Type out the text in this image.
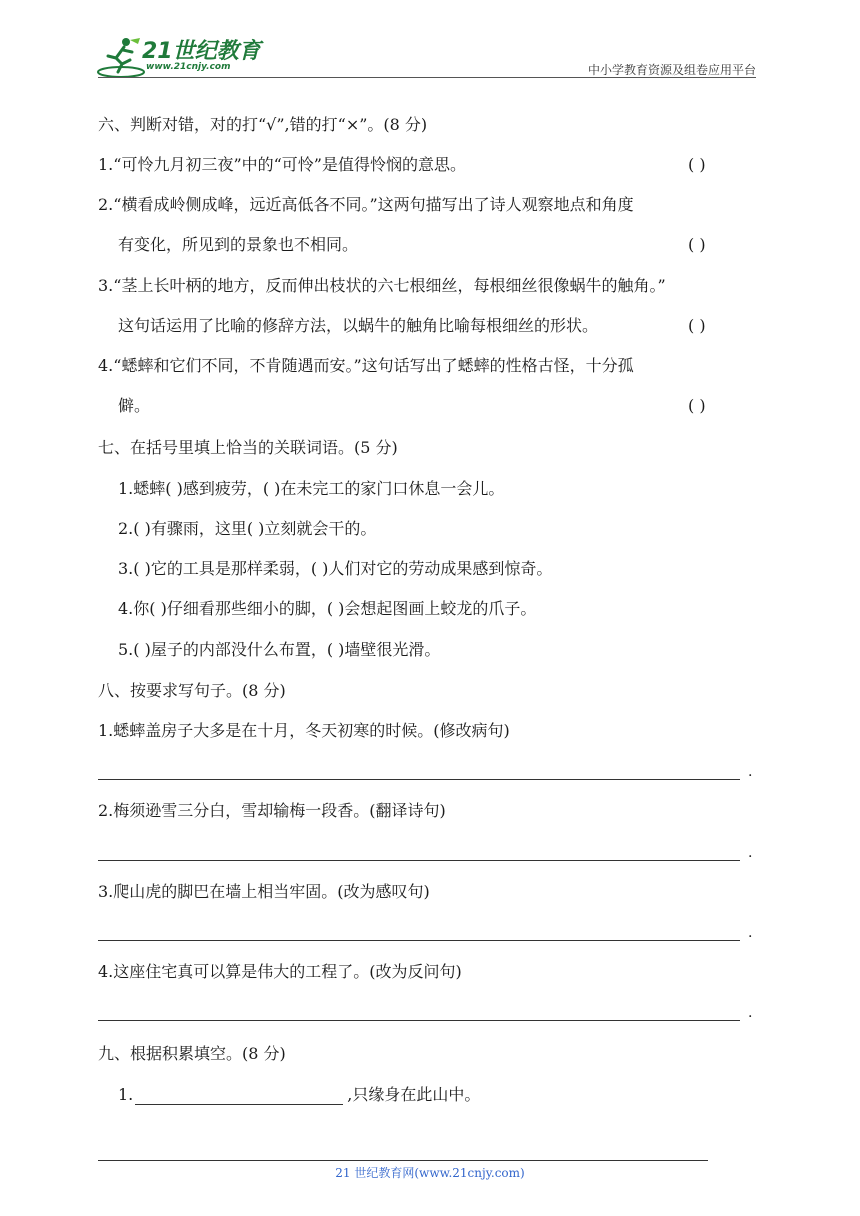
21世纪教育
www.21cnjy.com	中小学教育资源及组卷应用平台
六、判断对错，对的打“√”,错的打“×”。(8 分)
1.“可怜九月初三夜”中的“可怜”是值得怜悯的意思。	( )
2.“横看成岭侧成峰，远近高低各不同。”这两句描写出了诗人观察地点和角度
有变化，所见到的景象也不相同。	( )
3.“茎上长叶柄的地方，反而伸出枝状的六七根细丝，每根细丝很像蜗牛的触角。”
这句话运用了比喻的修辞方法，以蜗牛的触角比喻每根细丝的形状。	( )
4.“蟋蟀和它们不同，不肯随遇而安。”这句话写出了蟋蟀的性格古怪，十分孤
僻。	( )
七、在括号里填上恰当的关联词语。(5 分)
1.蟋蟀( )感到疲劳，( )在未完工的家门口休息一会儿。
2.( )有骤雨，这里( )立刻就会干的。
3.( )它的工具是那样柔弱，( )人们对它的劳动成果感到惊奇。
4.你( )仔细看那些细小的脚，( )会想起图画上蛟龙的爪子。
5.( )屋子的内部没什么布置，( )墙壁很光滑。
八、按要求写句子。(8 分)
1.蟋蟀盖房子大多是在十月，冬天初寒的时候。(修改病句)
.
2.梅须逊雪三分白，雪却输梅一段香。(翻译诗句)
.
3.爬山虎的脚巴在墙上相当牢固。(改为感叹句)
.
4.这座住宅真可以算是伟大的工程了。(改为反问句)
.
九、根据积累填空。(8 分)
1.	,只缘身在此山中。
21 世纪教育网(www.21cnjy.com)
